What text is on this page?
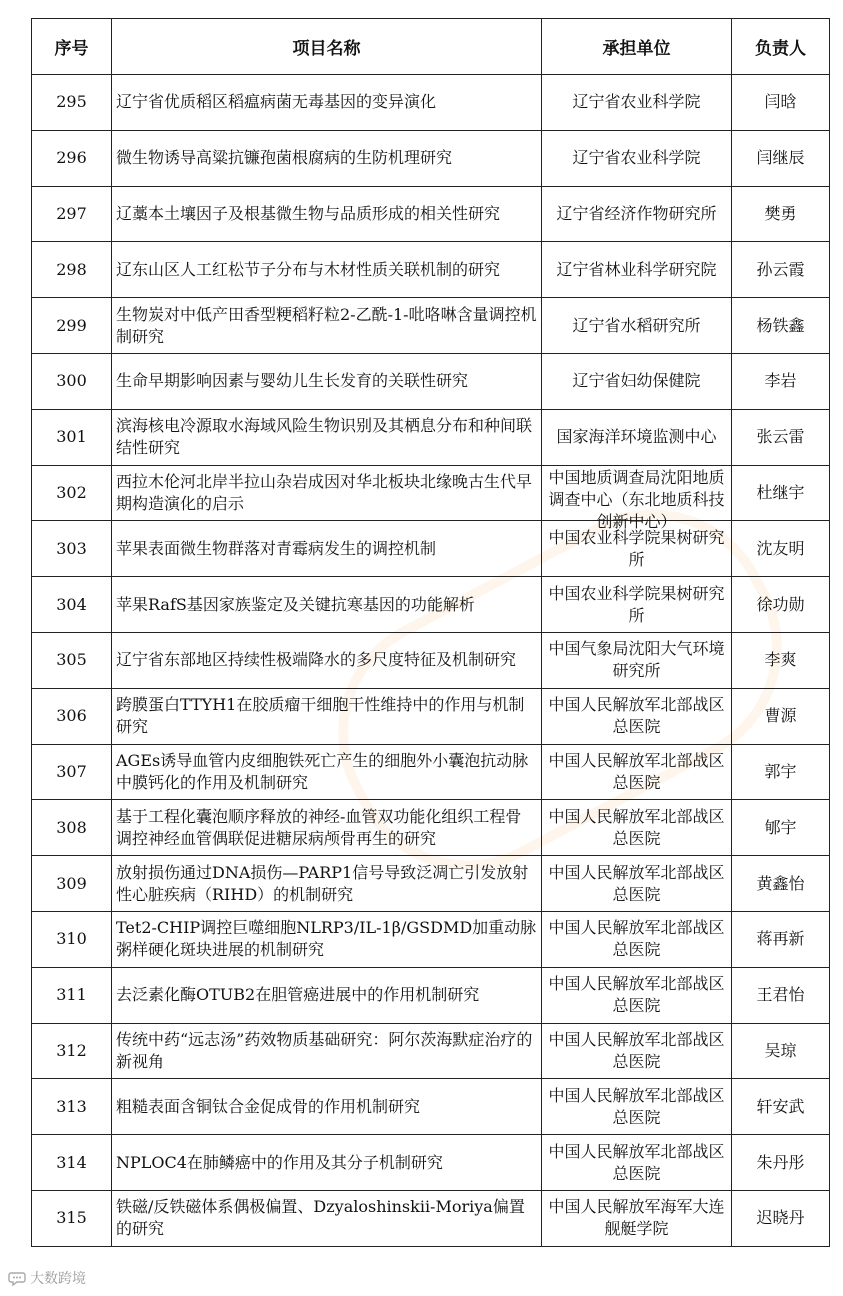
序号	项目名称	承担单位	负责人

295	辽宁省优质稻区稻瘟病菌无毒基因的变异演化	辽宁省农业科学院	闫晗

296	微生物诱导高粱抗镰孢菌根腐病的生防机理研究	辽宁省农业科学院	闫继辰

297	辽藁本土壤因子及根基微生物与品质形成的相关性研究	辽宁省经济作物研究所	樊勇

298	辽东山区人工红松节子分布与木材性质关联机制的研究	辽宁省林业科学研究院	孙云霞

299	生物炭对中低产田香型粳稻籽粒2-乙酰-1-吡咯啉含量调控机制研究	辽宁省水稻研究所	杨铁鑫

300	生命早期影响因素与婴幼儿生长发育的关联性研究	辽宁省妇幼保健院	李岩

301	滨海核电冷源取水海域风险生物识别及其栖息分布和种间联结性研究	国家海洋环境监测中心	张云雷

302	西拉木伦河北岸半拉山杂岩成因对华北板块北缘晚古生代早期构造演化的启示	中国地质调查局沈阳地质调查中心（东北地质科技创新中心）	杜继宇

303	苹果表面微生物群落对青霉病发生的调控机制	中国农业科学院果树研究所	沈友明

304	苹果RafS基因家族鉴定及关键抗寒基因的功能解析	中国农业科学院果树研究所	徐功勋

305	辽宁省东部地区持续性极端降水的多尺度特征及机制研究	中国气象局沈阳大气环境研究所	李爽

306	跨膜蛋白TTYH1在胶质瘤干细胞干性维持中的作用与机制研究	中国人民解放军北部战区总医院	曹源

307	AGEs诱导血管内皮细胞铁死亡产生的细胞外小囊泡抗动脉中膜钙化的作用及机制研究	中国人民解放军北部战区总医院	郭宇

308	基于工程化囊泡顺序释放的神经-血管双功能化组织工程骨调控神经血管偶联促进糖尿病颅骨再生的研究	中国人民解放军北部战区总医院	郇宇

309	放射损伤通过DNA损伤—PARP1信号导致泛凋亡引发放射性心脏疾病（RIHD）的机制研究	中国人民解放军北部战区总医院	黄鑫怡

310	Tet2-CHIP调控巨噬细胞NLRP3/IL-1β/GSDMD加重动脉粥样硬化斑块进展的机制研究	中国人民解放军北部战区总医院	蒋再新

311	去泛素化酶OTUB2在胆管癌进展中的作用机制研究	中国人民解放军北部战区总医院	王君怡

312	传统中药“远志汤”药效物质基础研究：阿尔茨海默症治疗的新视角	中国人民解放军北部战区总医院	吴琼

313	粗糙表面含铜钛合金促成骨的作用机制研究	中国人民解放军北部战区总医院	轩安武

314	NPLOC4在肺鳞癌中的作用及其分子机制研究	中国人民解放军北部战区总医院	朱丹彤

315	铁磁/反铁磁体系偶极偏置、Dzyaloshinskii-Moriya偏置的研究	中国人民解放军海军大连舰艇学院	迟晓丹
大数跨境
